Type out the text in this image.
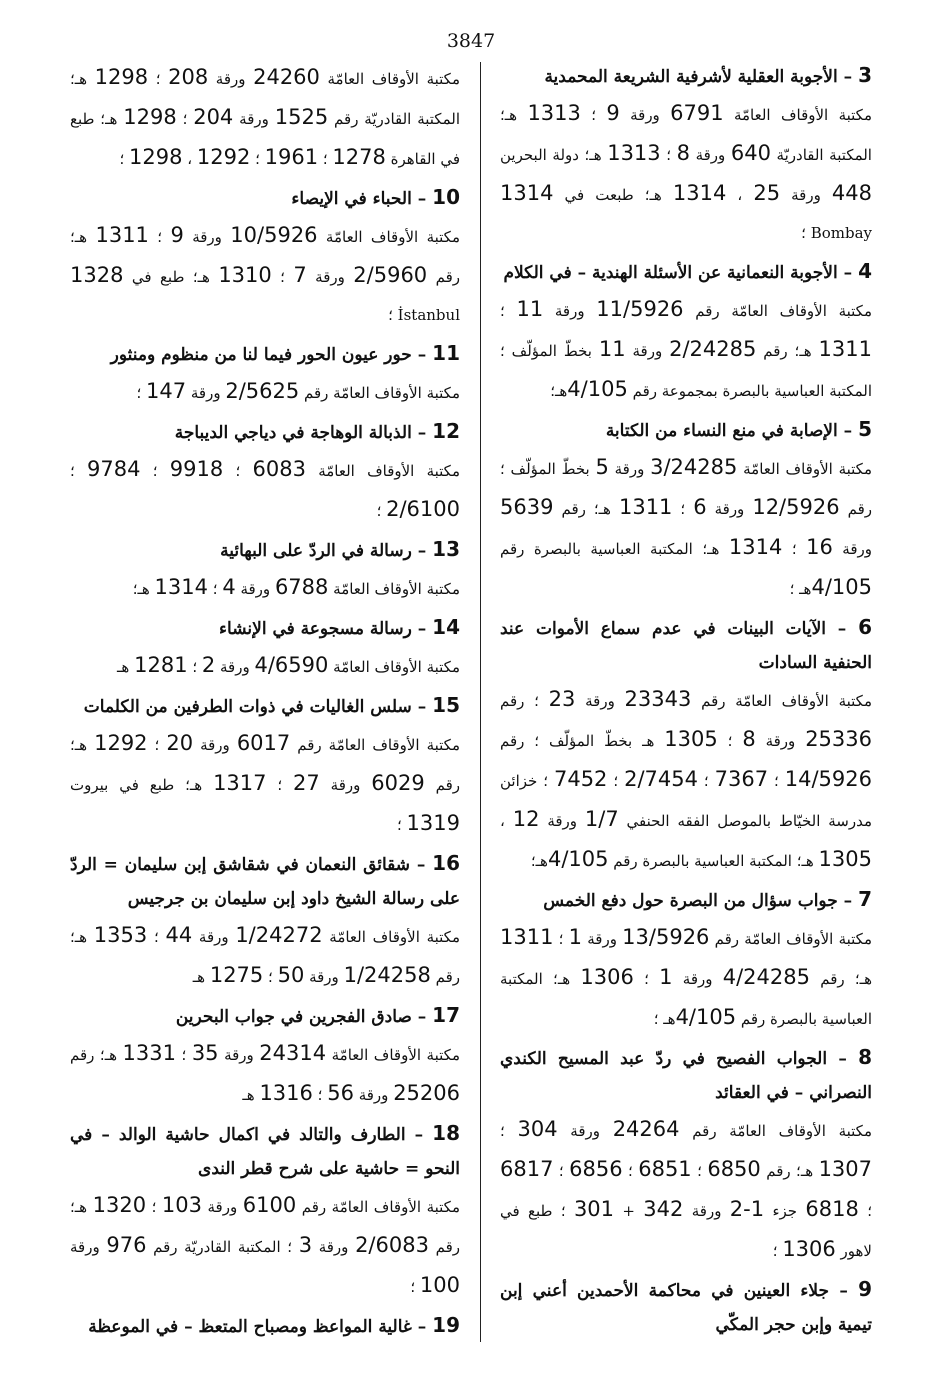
3847
3 – الأجوبة العقلية لأشرفية الشريعة المحمدية
مكتبة الأوقاف العامّة 6791 ورقة 9 ؛ 1313 هـ؛ المكتبة القادريّة 640 ورقة 8 ؛ 1313 هـ؛ دولة البحرين 448 ورقة 25 ، 1314 هـ؛ طبعت في 1314 Bombay ؛
4 – الأجوبة النعمانية عن الأسئلة الهندية – في الكلام
مكتبة الأوقاف العامّة رقم 11/5926 ورقة 11 ؛ 1311 هـ؛ رقم 2/24285 ورقة 11 بخطّ المؤلّف ؛ المكتبة العباسية بالبصرة بمجموعة رقم 4/105هـ؛
5 – الإصابة في منع النساء من الكتابة
مكتبة الأوقاف العامّة 3/24285 ورقة 5 بخطّ المؤلّف ؛ رقم 12/5926 ورقة 6 ؛ 1311 هـ؛ رقم 5639 ورقة 16 ؛ 1314 هـ؛ المكتبة العباسية بالبصرة رقم 4/105هـ ؛
6 – الآيات البينات في عدم سماع الأموات عند الحنفية السادات
مكتبة الأوقاف العامّة رقم 23343 ورقة 23 ؛ رقم 25336 ورقة 8 ؛ 1305 هـ بخطّ المؤلّف ؛ رقم 14/5926 ؛ 7367 ؛ 2/7454 ؛ 7452 ؛ خزائن مدرسة الخيّاط بالموصل الفقه الحنفي 1/7 ورقة 12 ، 1305 هـ؛ المكتبة العباسية بالبصرة رقم 4/105هـ؛
7 – جواب سؤال من البصرة حول دفع الخمس
مكتبة الأوقاف العامّة رقم 13/5926 ورقة 1 ؛ 1311 هـ؛ رقم 4/24285 ورقة 1 ؛ 1306 هـ؛ المكتبة العباسية بالبصرة رقم 4/105هـ ؛
8 – الجواب الفصيح في ردّ عبد المسيح الكندي النصراني – في العقائد
مكتبة الأوقاف العامّة رقم 24264 ورقة 304 ؛ 1307 هـ؛ رقم 6850 ؛ 6851 ؛ 6856 ؛ 6817 ؛ 6818 جزء 1-2 ورقة 342 + 301 ؛ طبع في لاهور 1306 ؛
9 – جلاء العينين في محاكمة الأحمدين أعني إبن تيمية وإبن حجر المكّي
مكتبة الأوقاف العامّة 24260 ورقة 208 ؛ 1298 هـ؛ المكتبة القادريّة رقم 1525 ورقة 204 ؛ 1298 هـ؛ طبع في القاهرة 1278 ؛ 1961 ؛ 1292 ، 1298 ؛
10 – الحباء في الإيصاء
مكتبة الأوقاف العامّة 10/5926 ورقة 9 ؛ 1311 هـ؛ رقم 2/5960 ورقة 7 ؛ 1310 هـ؛ طبع في 1328 İstanbul ؛
11 – حور عيون الحور فيما لنا من منظوم ومنثور
مكتبة الأوقاف العامّة رقم 2/5625 ورقة 147 ؛
12 – الذبالة الوهاجة في دياجي الديباجة
مكتبة الأوقاف العامّة 6083 ؛ 9918 ؛ 9784 ؛ 2/6100 ؛
13 – رسالة في الردّ على البهائية
مكتبة الأوقاف العامّة 6788 ورقة 4 ؛ 1314 هـ؛
14 – رسالة مسجوعة في الإنشاء
مكتبة الأوقاف العامّة 4/6590 ورقة 2 ؛ 1281 هـ
15 – سلس الغاليات في ذوات الطرفين من الكلمات
مكتبة الأوقاف العامّة رقم 6017 ورقة 20 ؛ 1292 هـ؛ رقم 6029 ورقة 27 ؛ 1317 هـ؛ طبع في بيروت 1319 ؛
16 – شقائق النعمان في شقاشق إبن سليمان = الردّ على رسالة الشيخ داود إبن سليمان بن جرجيس
مكتبة الأوقاف العامّة 1/24272 ورقة 44 ؛ 1353 هـ؛ رقم 1/24258 ورقة 50 ؛ 1275 هـ
17 – صادق الفجرين في جواب البحرين
مكتبة الأوقاف العامّة 24314 ورقة 35 ؛ 1331 هـ؛ رقم 25206 ورقة 56 ؛ 1316 هـ
18 – الطارف والتالد في اكمال حاشية الوالد – في النحو = حاشية على شرح قطر الندى
مكتبة الأوقاف العامّة رقم 6100 ورقة 103 ؛ 1320 هـ؛ رقم 2/6083 ورقة 3 ؛ المكتبة القادريّة رقم 976 ورقة 100 ؛
19 – غالية المواعظ ومصباح المتعظ – في الموعظة
